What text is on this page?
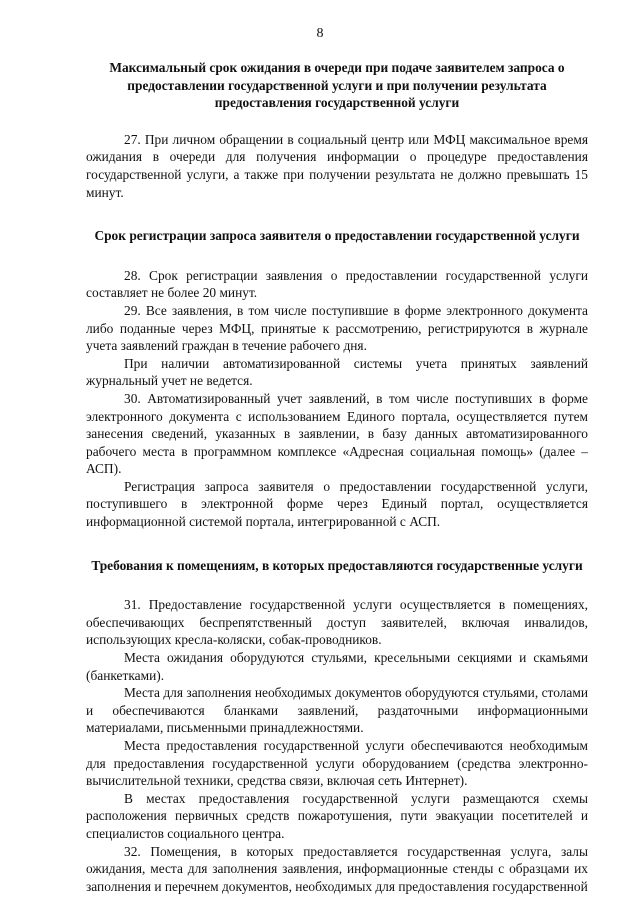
8

Максимальный срок ожидания в очереди при подаче заявителем запроса о предоставлении государственной услуги и при получении результата предоставления государственной услуги

27. При личном обращении в социальный центр или МФЦ максимальное время ожидания в очереди для получения информации о процедуре предоставления государственной услуги, а также при получении результата не должно превышать 15 минут.

Срок регистрации запроса заявителя о предоставлении государственной услуги

28. Срок регистрации заявления о предоставлении государственной услуги составляет не более 20 минут.

29. Все заявления, в том числе поступившие в форме электронного документа либо поданные через МФЦ, принятые к рассмотрению, регистрируются в журнале учета заявлений граждан в течение рабочего дня.

При наличии автоматизированной системы учета принятых заявлений журнальный учет не ведется.

30. Автоматизированный учет заявлений, в том числе поступивших в форме электронного документа с использованием Единого портала, осуществляется путем занесения сведений, указанных в заявлении, в базу данных автоматизированного рабочего места в программном комплексе «Адресная социальная помощь» (далее – АСП).

Регистрация запроса заявителя о предоставлении государственной услуги, поступившего в электронной форме через Единый портал, осуществляется информационной системой портала, интегрированной с АСП.

Требования к помещениям, в которых предоставляются государственные услуги

31. Предоставление государственной услуги осуществляется в помещениях, обеспечивающих беспрепятственный доступ заявителей, включая инвалидов, использующих кресла-коляски, собак-проводников.

Места ожидания оборудуются стульями, кресельными секциями и скамьями (банкетками).

Места для заполнения необходимых документов оборудуются стульями, столами и обеспечиваются бланками заявлений, раздаточными информационными материалами, письменными принадлежностями.

Места предоставления государственной услуги обеспечиваются необходимым для предоставления государственной услуги оборудованием (средства электронно-вычислительной техники, средства связи, включая сеть Интернет).

В местах предоставления государственной услуги размещаются схемы расположения первичных средств пожаротушения, пути эвакуации посетителей и специалистов социального центра.

32. Помещения, в которых предоставляется государственная услуга, залы ожидания, места для заполнения заявления, информационные стенды с образцами их заполнения и перечнем документов, необходимых для предоставления государственной
